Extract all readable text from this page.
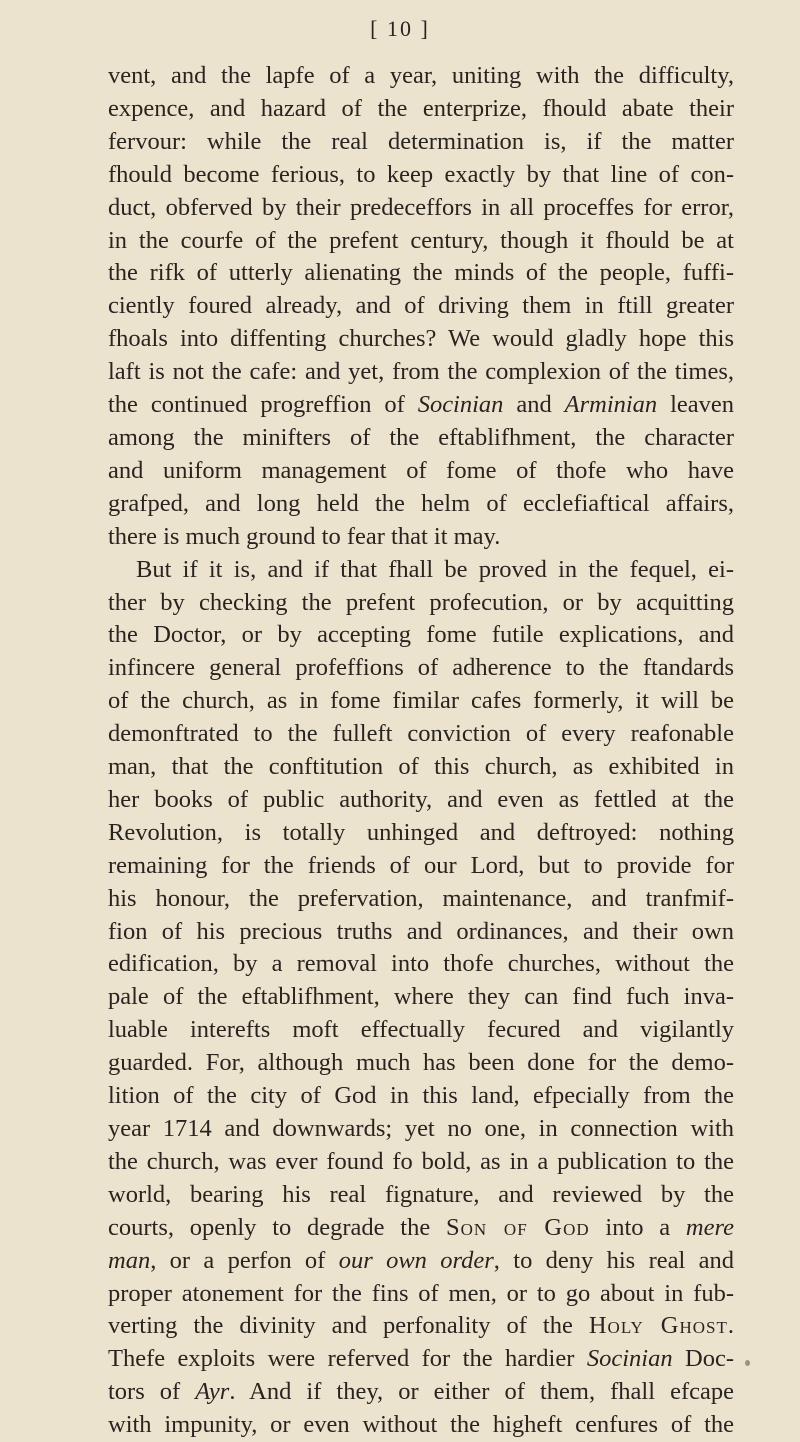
[ 10 ]
vent, and the lapfe of a year, uniting with the difficulty,
expence, and hazard of the enterprize, fhould abate their
fervour: while the real determination is, if the matter
fhould become ferious, to keep exactly by that line of con-
duct, obferved by their predeceffors in all proceffes for error,
in the courfe of the prefent century, though it fhould be at
the rifk of utterly alienating the minds of the people, fuffi-
ciently foured already, and of driving them in ftill greater
fhoals into diffenting churches? We would gladly hope this
laft is not the cafe: and yet, from the complexion of the times,
the continued progreffion of Socinian and Arminian leaven
among the minifters of the eftablifhment, the character
and uniform management of fome of thofe who have
grafped, and long held the helm of ecclefiaftical affairs,
there is much ground to fear that it may.
But if it is, and if that fhall be proved in the fequel, ei-
ther by checking the prefent profecution, or by acquitting
the Doctor, or by accepting fome futile explications, and
infincere general profeffions of adherence to the ftandards
of the church, as in fome fimilar cafes formerly, it will be
demonftrated to the fulleft conviction of every reafonable
man, that the conftitution of this church, as exhibited in
her books of public authority, and even as fettled at the
Revolution, is totally unhinged and deftroyed: nothing
remaining for the friends of our Lord, but to provide for
his honour, the prefervation, maintenance, and tranfmif-
fion of his precious truths and ordinances, and their own
edification, by a removal into thofe churches, without the
pale of the eftablifhment, where they can find fuch inva-
luable interefts moft effectually fecured and vigilantly
guarded. For, although much has been done for the demo-
lition of the city of God in this land, efpecially from the
year 1714 and downwards; yet no one, in connection with
the church, was ever found fo bold, as in a publication to the
world, bearing his real fignature, and reviewed by the
courts, openly to degrade the Son of God into a mere
man, or a perfon of our own order, to deny his real and
proper atonement for the fins of men, or to go about in fub-
verting the divinity and perfonality of the Holy Ghost.
Thefe exploits were referved for the hardier Socinian Doc-
tors of Ayr. And if they, or either of them, fhall efcape
with impunity, or even without the higheft cenfures of the
